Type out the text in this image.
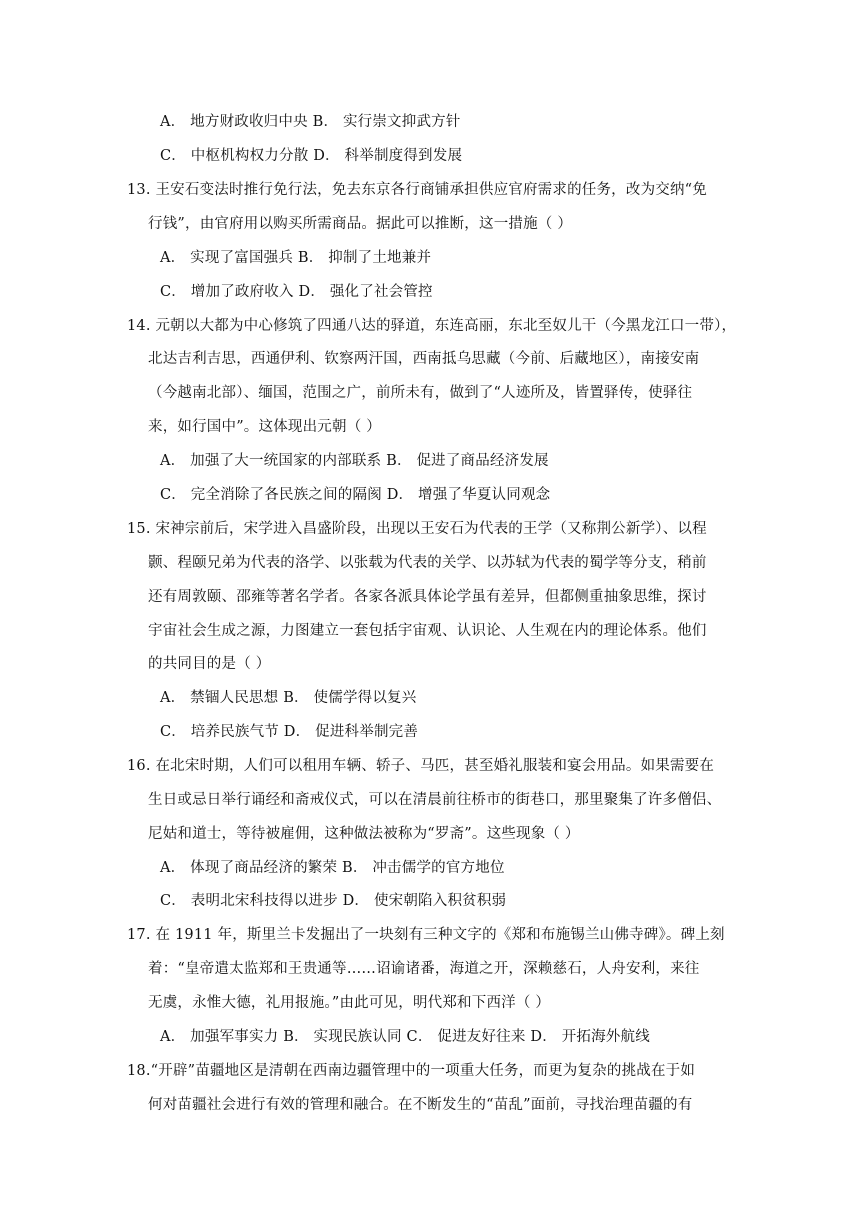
A． 地方财政收归中央 B． 实行崇文抑武方针
C． 中枢机构权力分散 D． 科举制度得到发展
13. 王安石变法时推行免行法，免去东京各行商铺承担供应官府需求的任务，改为交纳“免
行钱”，由官府用以购买所需商品。据此可以推断，这一措施（ ）
A． 实现了富国强兵 B． 抑制了土地兼并
C． 增加了政府收入 D． 强化了社会管控
14. 元朝以大都为中心修筑了四通八达的驿道，东连高丽，东北至奴儿干（今黑龙江口一带），
北达吉利吉思，西通伊利、钦察两汗国，西南抵乌思藏（今前、后藏地区），南接安南
（今越南北部）、缅国，范围之广，前所未有，做到了“人迹所及，皆置驿传，使驿往
来，如行国中”。这体现出元朝（ ）
A． 加强了大一统国家的内部联系 B． 促进了商品经济发展
C． 完全消除了各民族之间的隔阂 D． 增强了华夏认同观念
15. 宋神宗前后，宋学进入昌盛阶段，出现以王安石为代表的王学（又称荆公新学）、以程
颢、程颐兄弟为代表的洛学、以张载为代表的关学、以苏轼为代表的蜀学等分支，稍前
还有周敦颐、邵雍等著名学者。各家各派具体论学虽有差异，但都侧重抽象思维，探讨
宇宙社会生成之源，力图建立一套包括宇宙观、认识论、人生观在内的理论体系。他们
的共同目的是（ ）
A． 禁锢人民思想 B． 使儒学得以复兴
C． 培养民族气节 D． 促进科举制完善
16. 在北宋时期，人们可以租用车辆、轿子、马匹，甚至婚礼服装和宴会用品。如果需要在
生日或忌日举行诵经和斋戒仪式，可以在清晨前往桥市的街巷口，那里聚集了许多僧侣、
尼姑和道士，等待被雇佣，这种做法被称为“罗斋”。这些现象（ ）
A． 体现了商品经济的繁荣 B． 冲击儒学的官方地位
C． 表明北宋科技得以进步 D． 使宋朝陷入积贫积弱
17. 在 1911 年，斯里兰卡发掘出了一块刻有三种文字的《郑和布施锡兰山佛寺碑》。碑上刻
着：“皇帝遣太监郑和王贵通等……诏谕诸番，海道之开，深赖慈石，人舟安利，来往
无虞，永惟大德，礼用报施。”由此可见，明代郑和下西洋（ ）
A． 加强军事实力 B． 实现民族认同 C． 促进友好往来 D． 开拓海外航线
18.“开辟”苗疆地区是清朝在西南边疆管理中的一项重大任务，而更为复杂的挑战在于如
何对苗疆社会进行有效的管理和融合。在不断发生的“苗乱”面前，寻找治理苗疆的有
